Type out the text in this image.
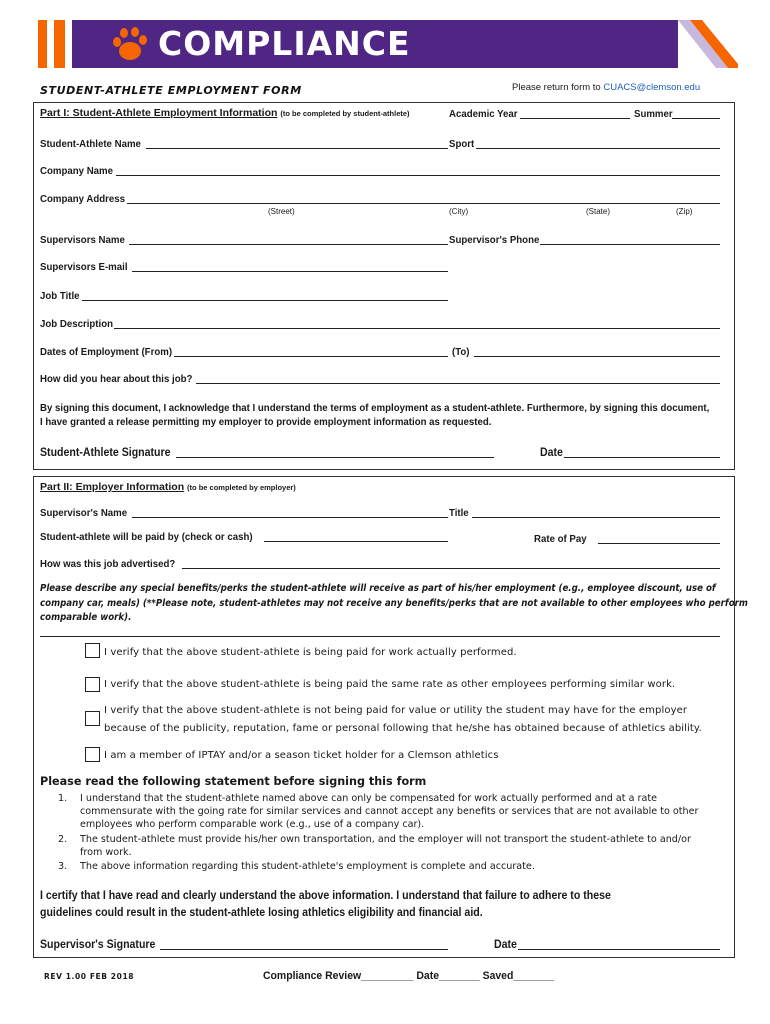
COMPLIANCE
STUDENT-ATHLETE EMPLOYMENT FORM	Please return form to CUACS@clemson.edu
Part I: Student-Athlete Employment Information (to be completed by student-athlete)	Academic Year	Summer
Student-Athlete Name	Sport
Company Name
Company Address
(Street)	(City)	(State)	(Zip)
Supervisors Name	Supervisor's Phone
Supervisors E-mail
Job Title
Job Description
Dates of Employment (From)	(To)
How did you hear about this job?
By signing this document, I acknowledge that I understand the terms of employment as a student-athlete. Furthermore, by signing this document,
I have granted a release permitting my employer to provide employment information as requested.
Student-Athlete Signature	Date
Part II: Employer Information (to be completed by employer)
Supervisor's Name	Title
Student-athlete will be paid by (check or cash)	Rate of Pay
How was this job advertised?
Please describe any special benefits/perks the student-athlete will receive as part of his/her employment (e.g., employee discount, use of
company car, meals) (**Please note, student-athletes may not receive any benefits/perks that are not available to other employees who perform
comparable work).
I verify that the above student-athlete is being paid for work actually performed.
I verify that the above student-athlete is being paid the same rate as other employees performing similar work.
I verify that the above student-athlete is not being paid for value or utility the student may have for the employer
because of the publicity, reputation, fame or personal following that he/she has obtained because of athletics ability.
I am a member of IPTAY and/or a season ticket holder for a Clemson athletics
Please read the following statement before signing this form
1. I understand that the student-athlete named above can only be compensated for work actually performed and at a rate
commensurate with the going rate for similar services and cannot accept any benefits or services that are not available to other
employees who perform comparable work (e.g., use of a company car).
2. The student-athlete must provide his/her own transportation, and the employer will not transport the student-athlete to and/or
from work.
3. The above information regarding this student-athlete's employment is complete and accurate.
I certify that I have read and clearly understand the above information. I understand that failure to adhere to these
guidelines could result in the student-athlete losing athletics eligibility and financial aid.
Supervisor's Signature	Date
REV 1.00 FEB 2018	Compliance Review_________ Date_______ Saved_______
